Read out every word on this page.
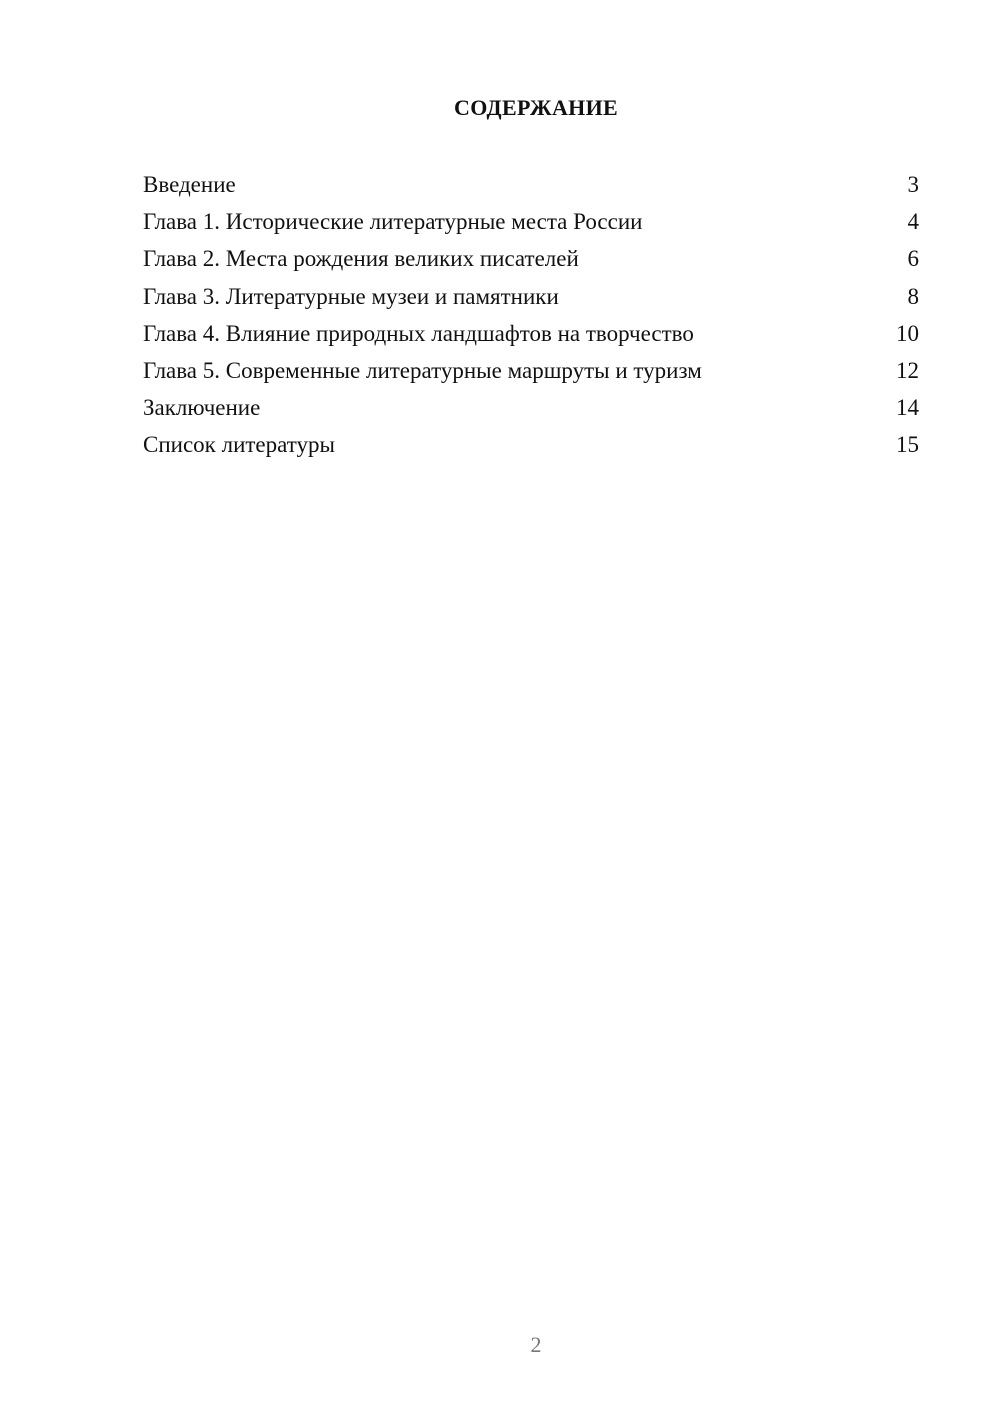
СОДЕРЖАНИЕ
Введение	3
Глава 1. Исторические литературные места России	4
Глава 2. Места рождения великих писателей	6
Глава 3. Литературные музеи и памятники	8
Глава 4. Влияние природных ландшафтов на творчество	10
Глава 5. Современные литературные маршруты и туризм	12
Заключение	14
Список литературы	15
2
